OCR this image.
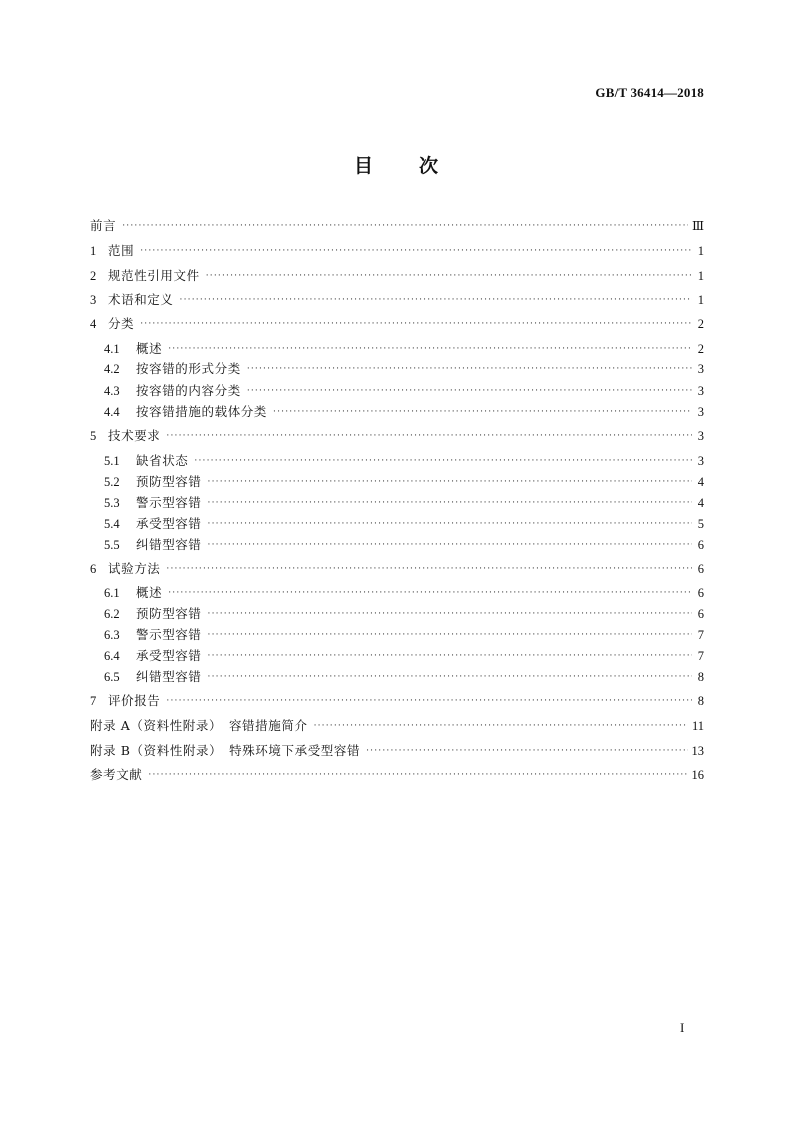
GB/T 36414—2018
目 次
前言 ·····	Ⅲ
1 范围 ·····	1
2 规范性引用文件 ·····	1
3 术语和定义 ·····	1
4 分类 ·····	2
4.1	概述 ·····	2
4.2	按容错的形式分类 ·····	3
4.3	按容错的内容分类 ·····	3
4.4	按容错措施的载体分类 ·····	3
5 技术要求 ·····	3
5.1	缺省状态 ·····	3
5.2	预防型容错 ·····	4
5.3	警示型容错 ·····	4
5.4	承受型容错 ·····	5
5.5	纠错型容错 ·····	6
6 试验方法 ·····	6
6.1	概述 ·····	6
6.2	预防型容错 ·····	6
6.3	警示型容错 ·····	7
6.4	承受型容错 ·····	7
6.5	纠错型容错 ·····	8
7 评价报告 ·····	8
附录 A（资料性附录）　容错措施简介 ·····	11
附录 B（资料性附录）　特殊环境下承受型容错 ·····	13
参考文献 ·····	16
I
